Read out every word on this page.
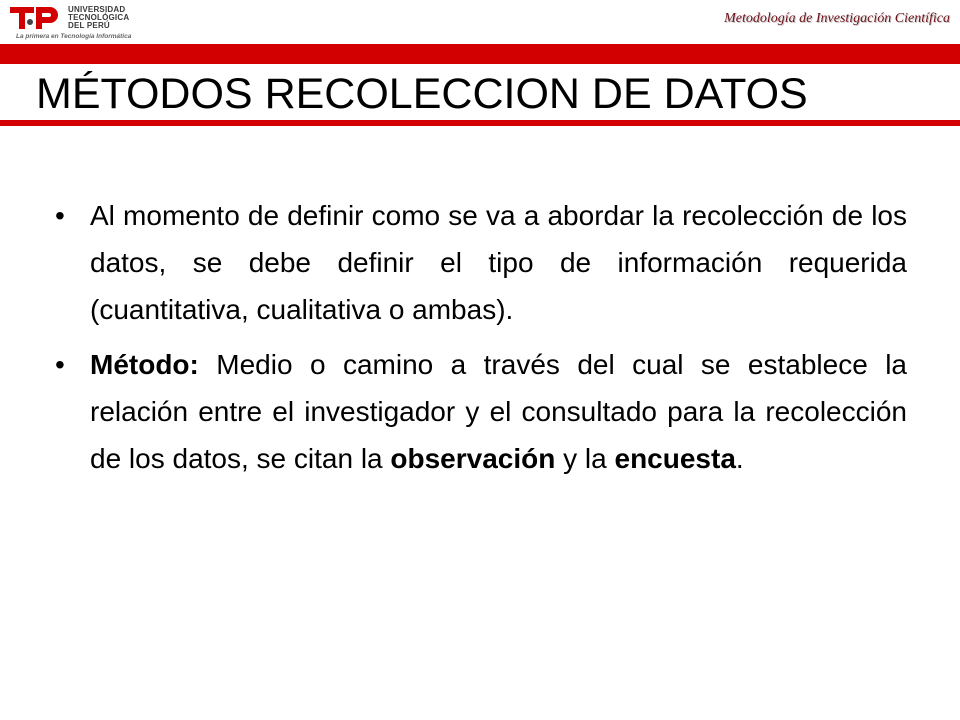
UNIVERSIDAD
TECNOLÓGICA
DEL PERÚ
La primera en Tecnología Informática
Metodología de Investigación Científica
MÉTODOS RECOLECCION DE DATOS
• Al momento de definir como se va a abordar la recolección de los datos, se debe definir el tipo de información requerida (cuantitativa, cualitativa o ambas).
• Método: Medio o camino a través del cual se establece la relación entre el investigador y el consultado para la recolección de los datos, se citan la observación y la encuesta.
